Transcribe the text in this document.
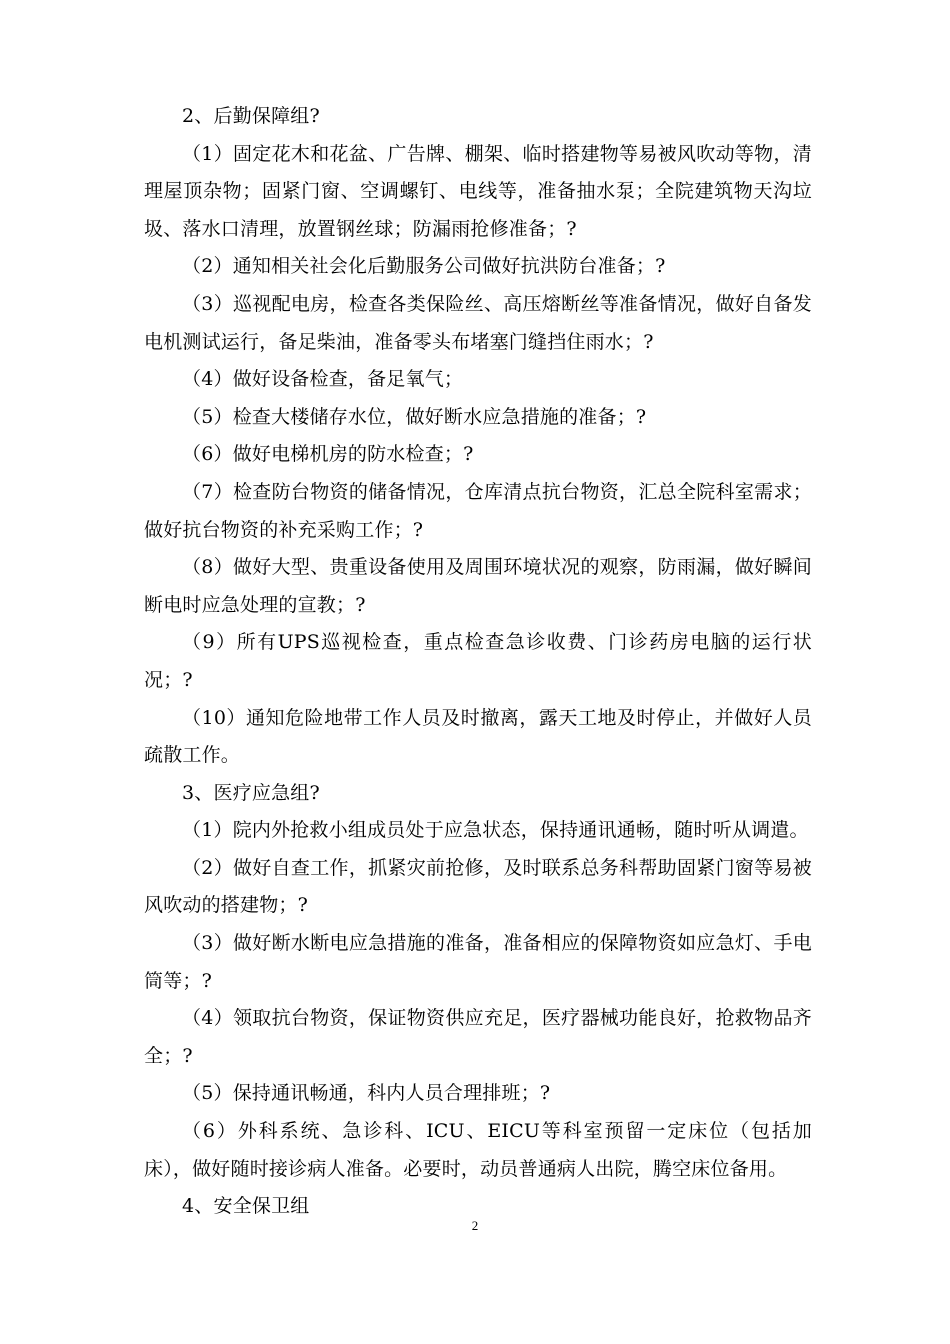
2、后勤保障组?

（1）固定花木和花盆、广告牌、棚架、临时搭建物等易被风吹动等物，清理屋顶杂物；固紧门窗、空调螺钉、电线等，准备抽水泵；全院建筑物天沟垃圾、落水口清理，放置钢丝球；防漏雨抢修准备；?

（2）通知相关社会化后勤服务公司做好抗洪防台准备；?

（3）巡视配电房，检查各类保险丝、高压熔断丝等准备情况，做好自备发电机测试运行，备足柴油，准备零头布堵塞门缝挡住雨水；?

（4）做好设备检查，备足氧气；

（5）检查大楼储存水位，做好断水应急措施的准备；?

（6）做好电梯机房的防水检查；?

（7）检查防台物资的储备情况，仓库清点抗台物资，汇总全院科室需求；做好抗台物资的补充采购工作；?

（8）做好大型、贵重设备使用及周围环境状况的观察，防雨漏，做好瞬间断电时应急处理的宣教；?

（9）所有UPS巡视检查，重点检查急诊收费、门诊药房电脑的运行状况；?

（10）通知危险地带工作人员及时撤离，露天工地及时停止，并做好人员疏散工作。

3、医疗应急组?

（1）院内外抢救小组成员处于应急状态，保持通讯通畅，随时听从调遣。

（2）做好自查工作，抓紧灾前抢修，及时联系总务科帮助固紧门窗等易被风吹动的搭建物；?

（3）做好断水断电应急措施的准备，准备相应的保障物资如应急灯、手电筒等；?

（4）领取抗台物资，保证物资供应充足，医疗器械功能良好，抢救物品齐全；?

（5）保持通讯畅通，科内人员合理排班；?

（6）外科系统、急诊科、ICU、EICU等科室预留一定床位（包括加床），做好随时接诊病人准备。必要时，动员普通病人出院，腾空床位备用。

4、安全保卫组

2
